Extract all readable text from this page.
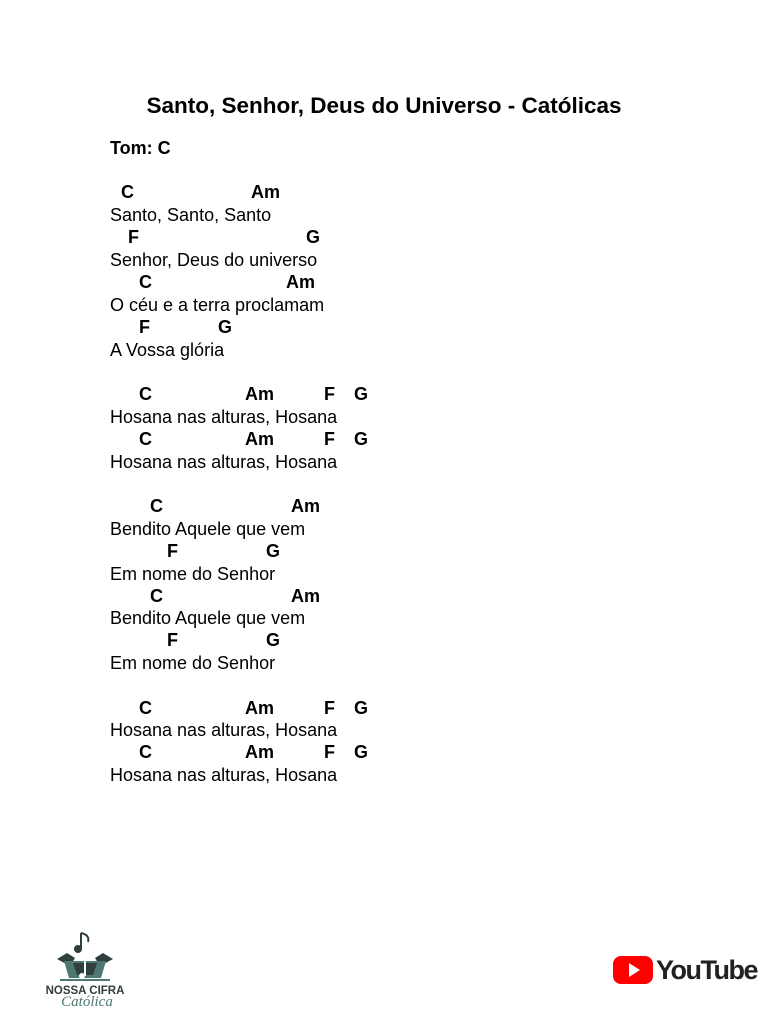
Santo, Senhor, Deus do Universo - Católicas
Tom: C
C	Am
Santo, Santo, Santo
F	G
Senhor, Deus do universo
C	Am
O céu e a terra proclamam
F	G
A Vossa glória
C	Am	F G
Hosana nas alturas, Hosana
C	Am	F G
Hosana nas alturas, Hosana
C	Am
Bendito Aquele que vem
F	G
Em nome do Senhor
C	Am
Bendito Aquele que vem
F	G
Em nome do Senhor
C	Am	F G
Hosana nas alturas, Hosana
C	Am	F G
Hosana nas alturas, Hosana
NOSSA CIFRA
Católica
YouTube
